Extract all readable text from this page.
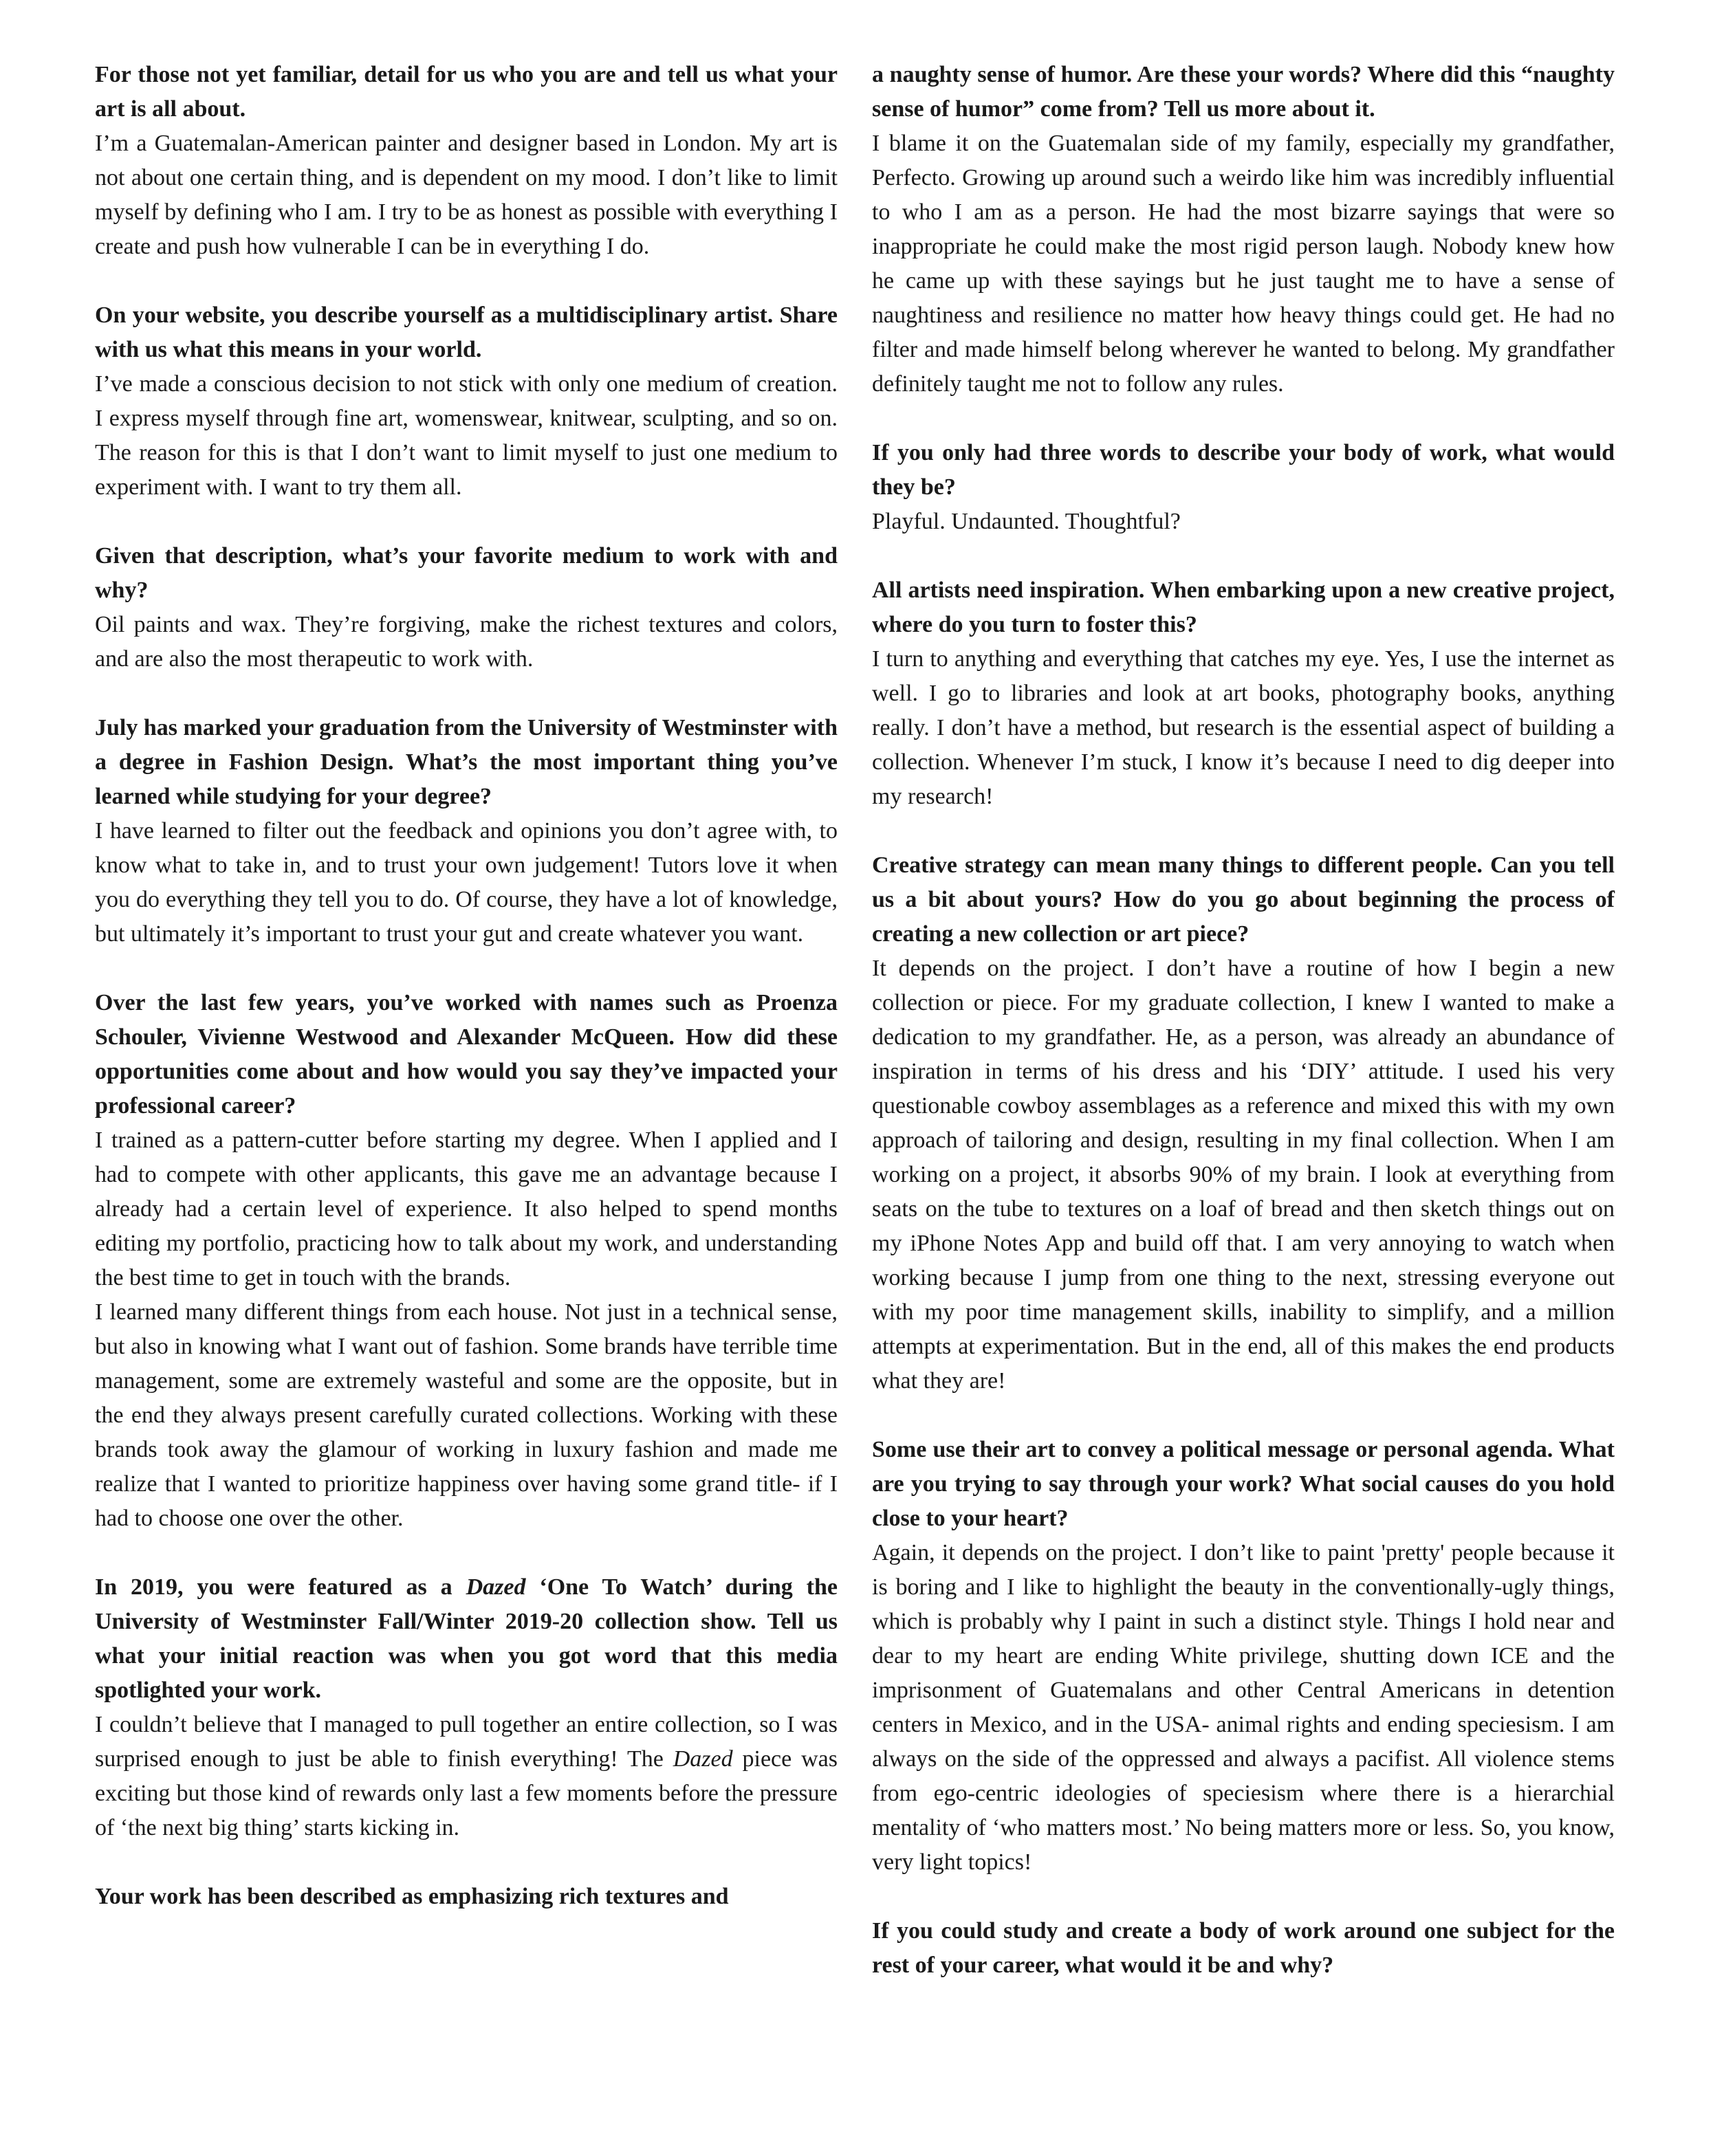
For those not yet familiar, detail for us who you are and tell us what your art is all about.

I’m a Guatemalan-American painter and designer based in London. My art is not about one certain thing, and is dependent on my mood. I don’t like to limit myself by defining who I am. I try to be as honest as possible with everything I create and push how vulnerable I can be in everything I do.

On your website, you describe yourself as a multidisciplinary artist. Share with us what this means in your world.

I’ve made a conscious decision to not stick with only one medium of creation. I express myself through fine art, womenswear, knitwear, sculpting, and so on. The reason for this is that I don’t want to limit myself to just one medium to experiment with. I want to try them all.

Given that description, what’s your favorite medium to work with and why?

Oil paints and wax. They’re forgiving, make the richest textures and colors, and are also the most therapeutic to work with.

July has marked your graduation from the University of Westminster with a degree in Fashion Design. What’s the most important thing you’ve learned while studying for your degree?

I have learned to filter out the feedback and opinions you don’t agree with, to know what to take in, and to trust your own judgement! Tutors love it when you do everything they tell you to do. Of course, they have a lot of knowledge, but ultimately it’s important to trust your gut and create whatever you want.

Over the last few years, you’ve worked with names such as Proenza Schouler, Vivienne Westwood and Alexander McQueen. How did these opportunities come about and how would you say they’ve impacted your professional career?

I trained as a pattern-cutter before starting my degree. When I applied and I had to compete with other applicants, this gave me an advantage because I already had a certain level of experience. It also helped to spend months editing my portfolio, practicing how to talk about my work, and understanding the best time to get in touch with the brands.

I learned many different things from each house. Not just in a technical sense, but also in knowing what I want out of fashion. Some brands have terrible time management, some are extremely wasteful and some are the opposite, but in the end they always present carefully curated collections. Working with these brands took away the glamour of working in luxury fashion and made me realize that I wanted to prioritize happiness over having some grand title- if I had to choose one over the other.

In 2019, you were featured as a Dazed ‘One To Watch’ during the University of Westminster Fall/Winter 2019-20 collection show. Tell us what your initial reaction was when you got word that this media spotlighted your work.

I couldn’t believe that I managed to pull together an entire collection, so I was surprised enough to just be able to finish everything! The Dazed piece was exciting but those kind of rewards only last a few moments before the pressure of ‘the next big thing’ starts kicking in.

Your work has been described as emphasizing rich textures and

a naughty sense of humor. Are these your words? Where did this “naughty sense of humor” come from? Tell us more about it.

I blame it on the Guatemalan side of my family, especially my grandfather, Perfecto. Growing up around such a weirdo like him was incredibly influential to who I am as a person. He had the most bizarre sayings that were so inappropriate he could make the most rigid person laugh. Nobody knew how he came up with these sayings but he just taught me to have a sense of naughtiness and resilience no matter how heavy things could get. He had no filter and made himself belong wherever he wanted to belong. My grandfather definitely taught me not to follow any rules.

If you only had three words to describe your body of work, what would they be?

Playful. Undaunted. Thoughtful?

All artists need inspiration. When embarking upon a new creative project, where do you turn to foster this?

I turn to anything and everything that catches my eye. Yes, I use the internet as well. I go to libraries and look at art books, photography books, anything really. I don’t have a method, but research is the essential aspect of building a collection. Whenever I’m stuck, I know it’s because I need to dig deeper into my research!

Creative strategy can mean many things to different people. Can you tell us a bit about yours? How do you go about beginning the process of creating a new collection or art piece?

It depends on the project. I don’t have a routine of how I begin a new collection or piece. For my graduate collection, I knew I wanted to make a dedication to my grandfather. He, as a person, was already an abundance of inspiration in terms of his dress and his ‘DIY’ attitude. I used his very questionable cowboy assemblages as a reference and mixed this with my own approach of tailoring and design, resulting in my final collection. When I am working on a project, it absorbs 90% of my brain. I look at everything from seats on the tube to textures on a loaf of bread and then sketch things out on my iPhone Notes App and build off that. I am very annoying to watch when working because I jump from one thing to the next, stressing everyone out with my poor time management skills, inability to simplify, and a million attempts at experimentation. But in the end, all of this makes the end products what they are!

Some use their art to convey a political message or personal agenda. What are you trying to say through your work? What social causes do you hold close to your heart?

Again, it depends on the project. I don’t like to paint 'pretty' people because it is boring and I like to highlight the beauty in the conventionally-ugly things, which is probably why I paint in such a distinct style. Things I hold near and dear to my heart are ending White privilege, shutting down ICE and the imprisonment of Guatemalans and other Central Americans in detention centers in Mexico, and in the USA- animal rights and ending speciesism. I am always on the side of the oppressed and always a pacifist. All violence stems from ego-centric ideologies of speciesism where there is a hierarchial mentality of ‘who matters most.’ No being matters more or less. So, you know, very light topics!

If you could study and create a body of work around one subject for the rest of your career, what would it be and why?
